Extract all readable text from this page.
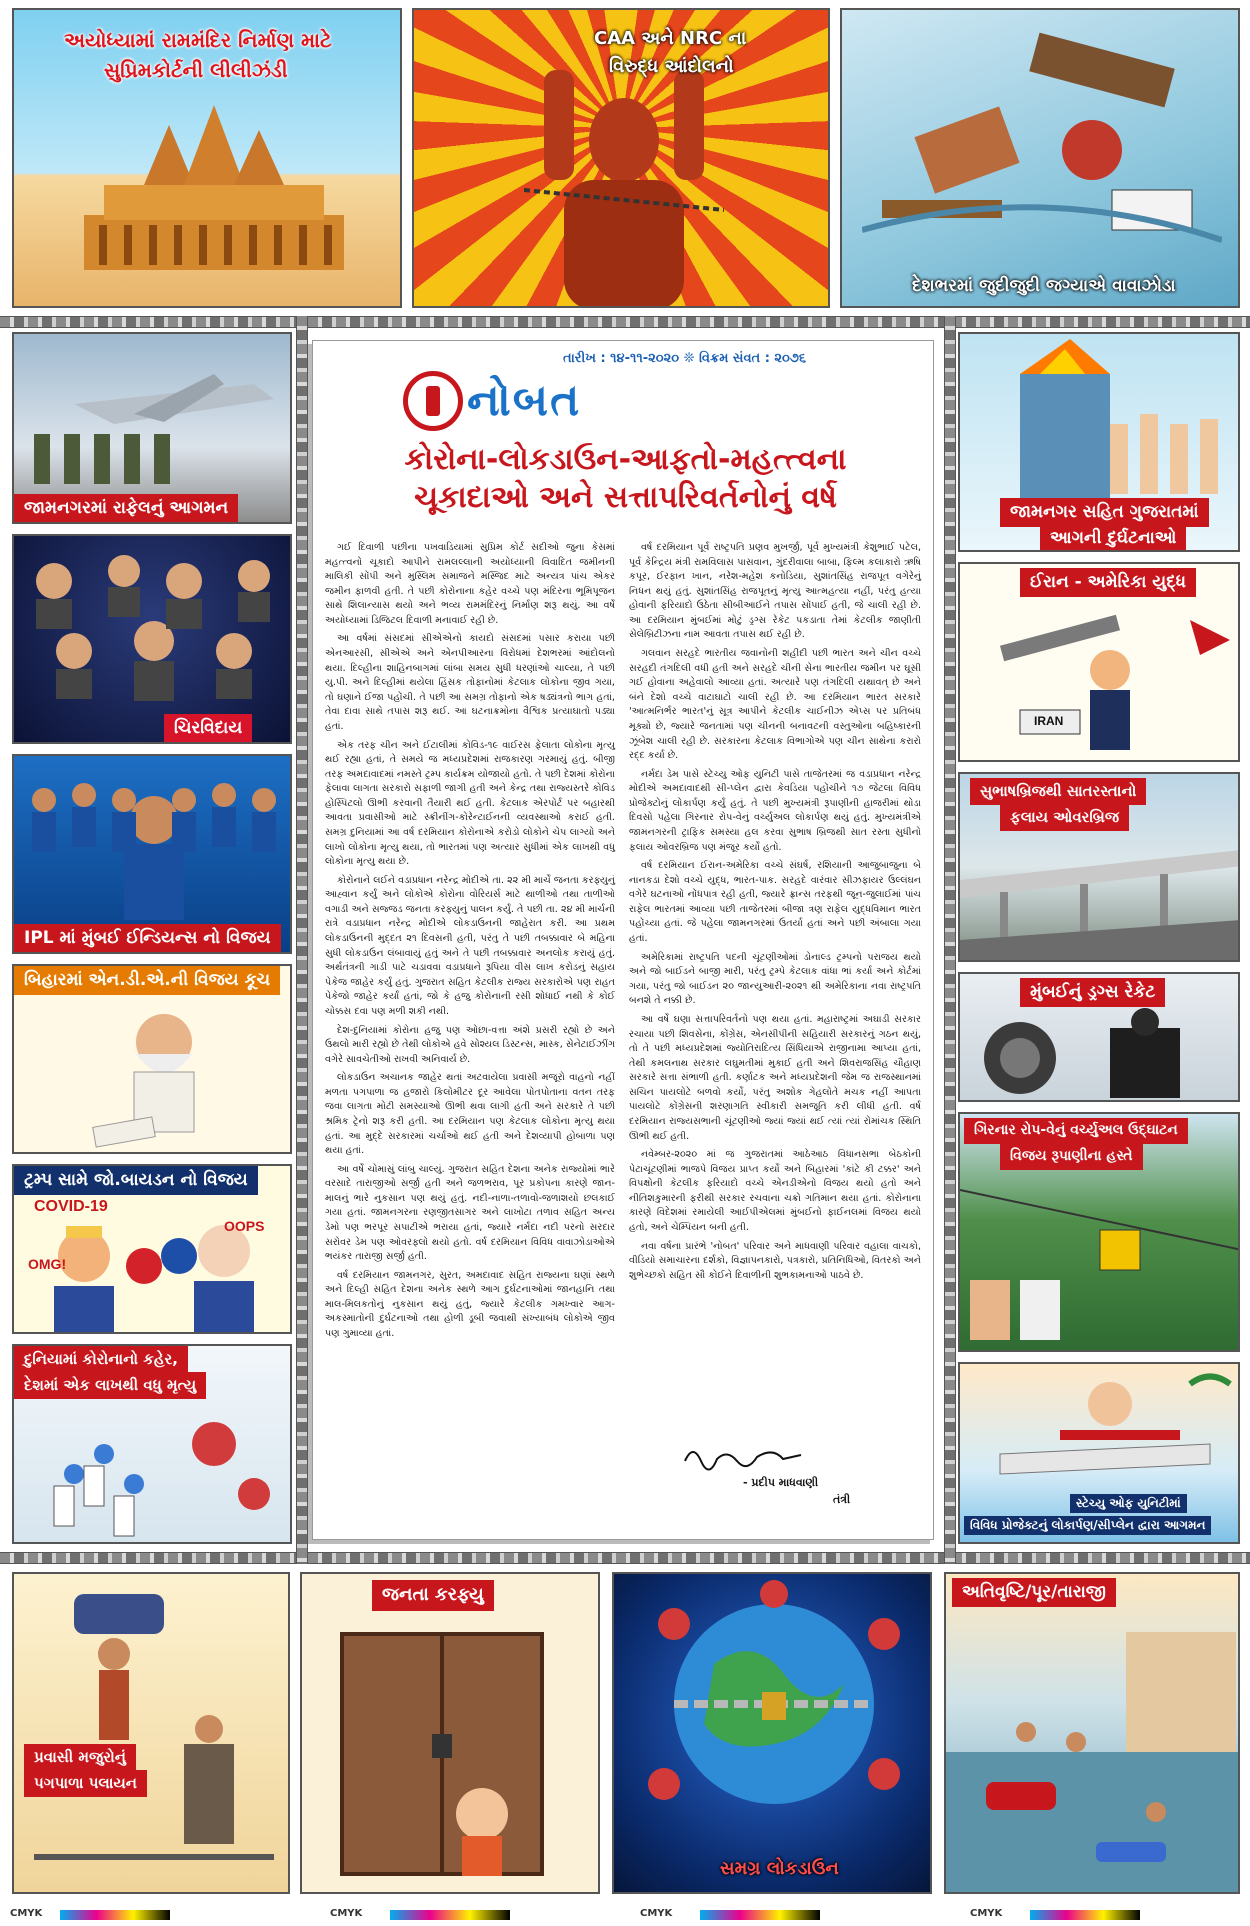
અયોધ્યામાં રામમંદિર નિર્માણ માટે
સુપ્રિમકોર્ટની લીલીઝંડી
CAA અને NRC ના
વિરુદ્ધ આંદોલનો
દેશભરમાં જુદીજુદી જગ્યાએ વાવાઝોડા
જામનગરમાં રાફેલનું આગમન
ચિરવિદાય
IPL માં મુંબઈ ઈન્ડિયન્સ નો વિજય
બિહારમાં એન.ડી.એ.ની વિજય કૂચ
ટ્રમ્પ સામે જો.બાયડન નો વિજય
COVID-19
OMG!
OOPS
દુનિયામાં કોરોનાનો કહેર,
દેશમાં એક લાખથી વધુ મૃત્યુ
જામનગર સહિત ગુજરાતમાં
આગની દુર્ઘટનાઓ
ઈરાન - અમેરિકા યુદ્ધ
IRAN
સુભાષબ્રિજથી સાતરસ્તાનો
ફલાય ઓવરબ્રિજ
મુંબઈનું ડ્રગ્સ રેકેટ
ગિરનાર રોપ-વેનું વર્ચ્યુઅલ ઉદ્ઘાટન
વિજય રૂપાણીના હસ્તે
સ્ટેચ્યુ ઓફ યુનિટીમાં
વિવિધ પ્રોજેક્ટનું લોકાર્પણ/સીપ્લેન દ્વારા આગમન
તારીખ : ૧૪-૧૧-૨૦૨૦ ❊ વિક્રમ સંવત : ૨૦૭૬
નોબત
કોરોના-લોકડાઉન-આફતો-મહત્ત્વના
ચૂકાદાઓ અને સત્તાપરિવર્તનોનું વર્ષ

ગઈ દિવાળી પછીના પખવાડિયામાં સુપ્રિમ કોર્ટ સદીઓ જુના કેસમાં મહત્ત્વનો ચૂકાદો આપીને રામલલ્લાની અયોધ્યાની વિવાદિત જમીનની માલિકી સોંપી અને મુસ્લિમ સમાજને મસ્જિદ માટે અન્યત્ર પાંચ એકર જમીન ફાળવી હતી. તે પછી કોરોનાના કહેર વચ્ચે પણ મંદિરના ભૂમિપૂજન સાથે શિલાન્યાસ થયો અને ભવ્ય રામમંદિરનું નિર્માણ શરૂ થયું. આ વર્ષે અયોધ્યામાં ડિજિટલ દિવાળી મનાવાઈ રહી છે.

આ વર્ષમાં સંસદમાં સીએએનો કાયદો સંસદમાં પસાર કરાયા પછી એનઆરસી, સીએએ અને એનપીઆરના વિરોધમાં દેશભરમાં આંદોલનો થયા. દિલ્હીના શાહિનબાગમાં લાંબા સમય સુધી ધરણાંઓ ચાલ્યા, તે પછી યુ.પી. અને દિલ્હીમાં થયેલા હિંસક તોફાનોમાં કેટલાક લોકોના જીવ ગયા, તો ઘણાને ઈજા પહોંચી. તે પછી આ સમગ્ર તોફાનો એક ષડ્યંત્રનો ભાગ હતાં, તેવા દાવા સાથે તપાસ શરૂ થઈ. આ ઘટનાક્રમોના વૈશ્વિક પ્રત્યાઘાતો પડ્યા હતાં.

એક તરફ ચીન અને ઈટાલીમાં કોવિડ-૧૯ વાઈરસ ફેલાતા લોકોના મૃત્યુ થઈ રહ્યા હતાં, તે સમયે જ મધ્યપ્રદેશમાં રાજકારણ ગરમાયું હતું. બીજી તરફ અમદાવાદમાં નમસ્તે ટ્રમ્પ કાર્યક્રમ યોજાયો હતો. તે પછી દેશમાં કોરોના ફેલાવા લાગતા સરકારો સફાળી જાગી હતી અને કેન્દ્ર તથા રાજ્યસ્તરે કોવિડ હોસ્પિટલો ઊભી કરવાની તૈયારી થઈ હતી. કેટલાક એરપોર્ટ પર બહારથી આવતા પ્રવાસીઓ માટે સ્ક્રીનીંગ-કોરેન્ટાઈનની વ્યવસ્થાઓ કરાઈ હતી. સમગ્ર દુનિયામાં આ વર્ષ દરમિયાન કોરોનાએ કરોડો લોકોને ચેપ લાગ્યો અને લાખો લોકોના મૃત્યુ થયા, તો ભારતમાં પણ અત્યાર સુધીમાં એક લાખથી વધુ લોકોના મૃત્યુ થયા છે.

કોરોનાને લઈને વડાપ્રધાન નરેન્દ્ર મોદીએ તા. ૨૨ મી માર્ચે જનતા કરફ્યુનું આહ્વાન કર્યું અને લોકોએ કોરોના વોરિયર્સ માટે થાળીઓ તથા તાળીઓ વગાડી અને સજ્જડ જનતા કરફ્યુનું પાલન કર્યું. તે પછી તા. ૨૪ મી માર્ચની રાત્રે વડાપ્રધાન નરેન્દ્ર મોદીએ લોકડાઉનની જાહેરાત કરી. આ પ્રથમ લોકડાઉનની મુદ્દત ૨૧ દિવસની હતી, પરંતુ તે પછી તબક્કાવાર બે મહિના સુધી લોકડાઉન લંબાવાયું હતું અને તે પછી તબક્કાવાર અનલોક કરાયું હતું. અર્થતંત્રની ગાડી પાટે ચડાવવા વડાપ્રધાને રૂપિયા વીસ લાખ કરોડનું સહાય પેકેજ જાહેર કર્યું હતું. ગુજરાત સહિત કેટલીક રાજ્ય સરકારોએ પણ રાહત પેકેજો જાહેર કર્યાં હતાં, જો કે હજુ કોરોનાની રસી શોધાઈ નથી કે કોઈ ચોક્કસ દવા પણ મળી શકી નથી.

દેશ-દુનિયામાં કોરોના હજુ પણ ઓછા-વત્તા અંશે પ્રસરી રહ્યો છે અને ઉથલો મારી રહ્યો છે તેથી લોકોએ હવે સોશ્યલ ડિસ્ટન્સ, માસ્ક, સેનેટાઈઝીંગ વગેરે સાવચેતીઓ રાખવી અનિવાર્ય છે.

લોકડાઉન અચાનક જાહેર થતાં અટવાયેલા પ્રવાસી મજૂરો વાહનો નહીં મળતા પગપાળા જ હજારો કિલોમીટર દૂર આવેલા પોતપોતાના વતન તરફ જવા લાગતા મોટી સમસ્યાઓ ઊભી થવા લાગી હતી અને સરકારે તે પછી શ્રમિક ટ્રેનો શરૂ કરી હતી. આ દરમિયાન પણ કેટલાક લોકોના મૃત્યુ થયા હતાં. આ મુદ્દે સરકારમાં ચર્ચાઓ થઈ હતી અને દેશવ્યાપી હોબાળા પણ થયા હતાં.

આ વર્ષે ચોમાસું લાંબુ ચાલ્યું. ગુજરાત સહિત દેશના અનેક રાજ્યોમાં ભારે વરસાદે તારાજીઓ સર્જી હતી અને જળભરાવ, પૂર પ્રકોપના કારણે જાન-માલનું ભારે નુકસાન પણ થયું હતું. નદી-નાળા-તળાવો-જળાશયો છલકાઈ ગયા હતાં. જામનગરના રણજીતસાગર અને લાખોટા તળાવ સહિત અન્ય ડેમો પણ ભરપૂર સપાટીએ ભરાયા હતાં, જ્યારે નર્મદા નદી પરનો સરદાર સરોવર ડેમ પણ ઓવરફ્લો થયો હતો. વર્ષ દરમિયાન વિવિધ વાવાઝોડાઓએ ભયંકર તારાજી સર્જી હતી.

વર્ષ દરમિયાન જામનગર, સુરત, અમદાવાદ સહિત રાજ્યના ઘણાં સ્થળે અને દિલ્હી સહિત દેશના અનેક સ્થળે આગ દુર્ઘટનાઓમાં જાનહાનિ તથા માલ-મિલકતોનું નુકસાન થયું હતું, જ્યારે કેટલીક ગમખ્વાર આગ-અકસ્માતોની દુર્ઘટનાઓ તથા હોળી ડૂબી જવાથી સંખ્યાબંધ લોકોએ જીવ પણ ગુમાવ્યા હતાં.

વર્ષ દરમિયાન પૂર્વ રાષ્ટ્રપતિ પ્રણવ મુખર્જી, પૂર્વ મુખ્યમંત્રી કેશુભાઈ પટેલ, પૂર્વ કેન્દ્રિય મંત્રી રામવિલાસ પાસવાન, ગુંદરીવાલા બાબા, ફિલ્મ કલાકારો ઋષિ કપૂર, ઈરફાન ખાન, નરેશ-મહેશ કનોડિયા, સુશાંતસિંહ રાજપૂત વગેરેનું નિધન થયું હતું. સુશાંતસિંહ રાજપૂતનું મૃત્યુ આત્મહત્યા નહીં, પરંતુ હત્યા હોવાની ફરિયાદો ઉઠેતા સીબીઆઈને તપાસ સોંપાઈ હતી, જે ચાલી રહી છે. આ દરમિયાન મુંબઈમાં મોટું ડ્રગ્સ રેકેટ પકડાતા તેમાં કેટલીક જાણીતી સેલેબ્રિટીઝના નામ આવતા તપાસ થઈ રહી છે.

ગલવાન સરહદે ભારતીય જવાનોની શહીદી પછી ભારત અને ચીન વચ્ચે સરહદી તંગદિલી વધી હતી અને સરહદે ચીની સેના ભારતીય જમીન પર ઘૂસી ગઈ હોવાના અહેવાલો આવ્યા હતાં. અત્યારે પણ તંગદિલી યથાવત્ છે અને બંને દેશો વચ્ચે વાટાઘાટો ચાલી રહી છે. આ દરમિયાન ભારત સરકારે 'આત્મનિર્ભર ભારત'નું સૂત્ર આપીને કેટલીક ચાઈનીઝ એપ્સ પર પ્રતિબંધ મૂક્યો છે, જ્યારે જનતામાં પણ ચીનની બનાવટની વસ્તુઓના બહિષ્કારની ઝૂંબેશ ચાલી રહી છે. સરકારના કેટલાક વિભાગોએ પણ ચીન સાથેના કરારો રદ્દ કર્યા છે.

નર્મદા ડેમ પાસે સ્ટેચ્યુ ઓફ યુનિટી પાસે તાજેતરમાં જ વડાપ્રધાન નરેન્દ્ર મોદીએ અમદાવાદથી સી-પ્લેન દ્વારા કેવડિયા પહોંચીને ૧૭ જેટલા વિવિધ પ્રોજેક્ટોનું લોકાર્પણ કર્યું હતું. તે પછી મુખ્યમંત્રી રૂપાણીની હાજરીમાં થોડા દિવસો પહેલા ગિરનાર રોપ-વેનું વર્ચ્યુઅલ લોકાર્પણ થયું હતું. મુખ્યમંત્રીએ જામનગરની ટ્રાફિક સમસ્યા હલ કરવા સુભાષ બ્રિજથી સાત રસ્તા સુધીનો ફલાય ઓવરબ્રિજ પણ મંજૂર કર્યો હતો.

વર્ષ દરમિયાન ઈરાન-અમેરિકા વચ્ચે સંઘર્ષ, રશિયાની આજુબાજુના બે નાનકડા દેશો વચ્ચે યુદ્ધ, ભારત-પાક. સરહદે વારંવાર સીઝફાયર ઉલ્લંઘન વગેરે ઘટનાઓ નોંધપાત્ર રહી હતી, જ્યારે ફ્રાન્સ તરફથી જૂન-જુલાઈમાં પાંચ રાફેલ ભારતમાં આવ્યા પછી તાજેતરમાં બીજા ત્રણ રાફેલ યુદ્ધવિમાન ભારત પહોંચ્યા હતાં. જે પહેલા જામનગરમાં ઉતર્યા હતાં અને પછી અંબાલા ગયા હતાં.

અમેરિકામાં રાષ્ટ્રપતિ પદની ચૂંટણીઓમાં ડોનાલ્ડ ટ્રમ્પનો પરાજય થયો અને જો બાઈડને બાજી મારી, પરંતુ ટ્રમ્પે કેટલાક વાંધા ભાં કર્યા અને કોર્ટમાં ગયા, પરંતુ જો બાઈડન ૨૦ જાન્યુઆરી-૨૦૨૧ થી અમેરિકાના નવા રાષ્ટ્રપતિ બનશે તે નક્કી છે.

આ વર્ષે ઘણા સત્તાપરિવર્તનો પણ થયા હતાં. મહારાષ્ટ્રમાં અઘાડી સરકાર રચાયા પછી શિવસેના, કોંગ્રેસ, એનસીપીની સહિયારી સરકારનું ગઠન થયું, તો તે પછી મધ્યપ્રદેશમાં જ્યોતિરાદિત્ય સિંધિયાએ રાજીનામા આપ્યા હતાં, તેથી કમલનાથ સરકાર લઘુમતીમાં મુકાઈ હતી અને શિવરાજસિંહ ચૌહાણ સરકારે સત્તા સંભાળી હતી. કર્ણાટક અને મધ્યપ્રદેશની જેમ જ રાજસ્થાનમાં સચિન પાયલોટે બળવો કર્યો, પરંતુ અશોક ગેહલોતે મચક નહીં આપતા પાયલોટે કોંગ્રેસની શરણાગતિ સ્વીકારી સમજૂતિ કરી લીધી હતી. વર્ષ દરમિયાન રાજ્યસભાની ચૂંટણીઓ જ્યાં જ્યાં થઈ ત્યાં ત્યાં રોમાંચક સ્થિતિ ઊભી થઈ હતી.

નવેમ્બર-૨૦૨૦ માં જ ગુજરાતમાં આઠેઆઠ વિધાનસભા બેઠકોની પેટાચૂંટણીમાં ભાજપે વિજય પ્રાપ્ત કર્યો અને બિહારમાં 'કાંટે કી ટક્કર' અને વિપક્ષોની કેટલીક ફરિયાદો વચ્ચે એનડીએનો વિજય થયો હતો અને નીતિશકુમારની ફરીથી સરકાર રચવાના ચક્રો ગતિમાન થયા હતાં. કોરોનાના કારણે વિદેશમાં રમાયેલી આઈપીએલમાં મુંબઈનો ફાઈનલમાં વિજય થયો હતો, અને ચેમ્પિયન બની હતી.

નવા વર્ષના પ્રારંભે 'નોબત' પરિવાર અને માધવાણી પરિવાર વહાલા વાચકો, વીડિયો સમાચારના દર્શકો, વિજ્ઞાપનકારો, પત્રકારો, પ્રતિનિધિઓ, વિતરકો અને શુભેચ્છકો સહિત સૌ કોઈને દિવાળીની શુભકામનાઓ પાઠવે છે.

- પ્રદીપ માધવાણી
તંત્રી
પ્રવાસી મજુરોનું
પગપાળા પલાયન
જનતા કરફ્યુ
સમગ્ર લોકડાઉન
અતિવૃષ્ટિ/પૂર/તારાજી
CMYK	CMYK	CMYK	CMYK
